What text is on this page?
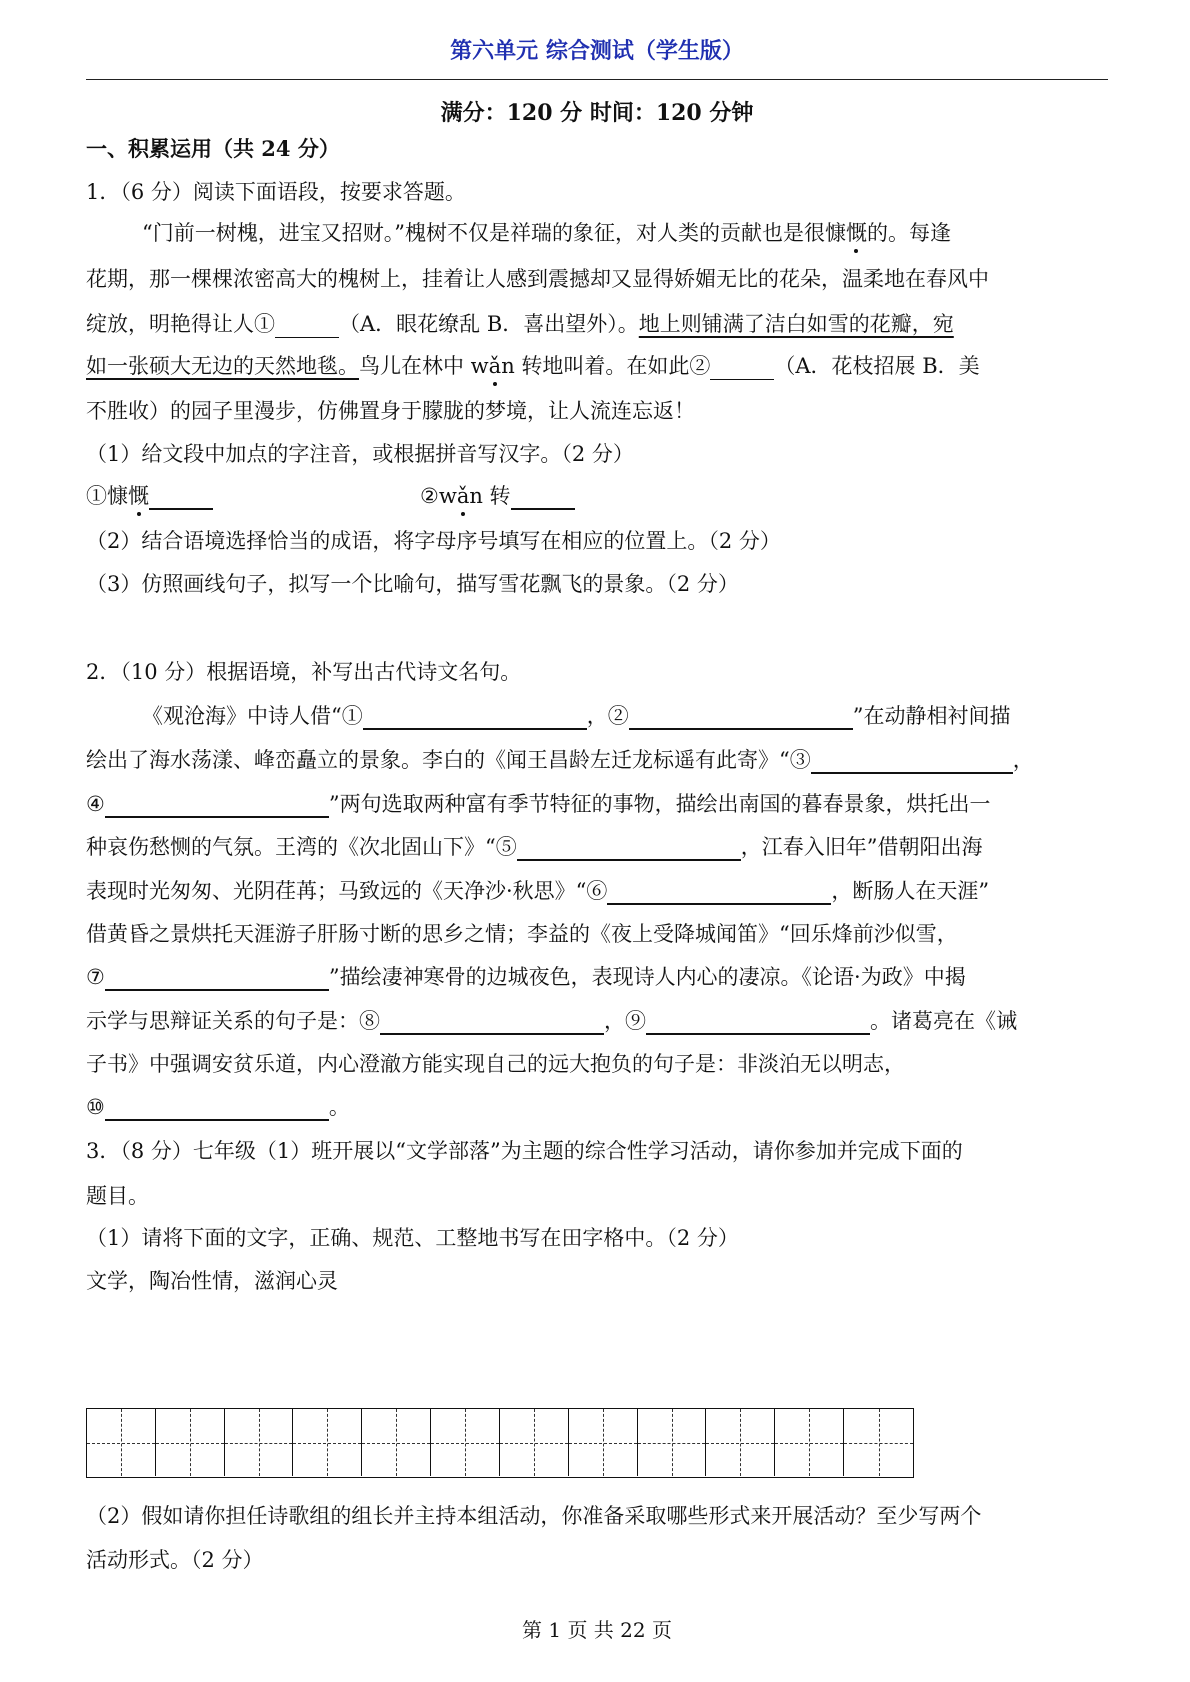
第六单元 综合测试（学生版）
满分：120 分 时间：120 分钟
一、积累运用（共 24 分）
1．（6 分）阅读下面语段，按要求答题。
“门前一树槐，进宝又招财。”槐树不仅是祥瑞的象征，对人类的贡献也是很慷慨的。每逢
花期，那一棵棵浓密高大的槐树上，挂着让人感到震撼却又显得娇媚无比的花朵，温柔地在春风中
绽放，明艳得让人①	（A．眼花缭乱 B．喜出望外）。地上则铺满了洁白如雪的花瓣，宛
如一张硕大无边的天然地毯。鸟儿在林中 wǎn 转地叫着。在如此②	（A．花枝招展 B．美
不胜收）的园子里漫步，仿佛置身于朦胧的梦境，让人流连忘返！
（1）给文段中加点的字注音，或根据拼音写汉字。（2 分）
①慷慨	②wǎn 转
（2）结合语境选择恰当的成语，将字母序号填写在相应的位置上。（2 分）
（3）仿照画线句子，拟写一个比喻句，描写雪花飘飞的景象。（2 分）
2．（10 分）根据语境，补写出古代诗文名句。
《观沧海》中诗人借“①	，②	”在动静相衬间描
绘出了海水荡漾、峰峦矗立的景象。李白的《闻王昌龄左迁龙标遥有此寄》“③	，
④	”两句选取两种富有季节特征的事物，描绘出南国的暮春景象，烘托出一
种哀伤愁恻的气氛。王湾的《次北固山下》“⑤	，江春入旧年”借朝阳出海
表现时光匆匆、光阴荏苒；马致远的《天净沙·秋思》“⑥	，断肠人在天涯”
借黄昏之景烘托天涯游子肝肠寸断的思乡之情；李益的《夜上受降城闻笛》“回乐烽前沙似雪，
⑦	”描绘凄神寒骨的边城夜色，表现诗人内心的凄凉。《论语·为政》中揭
示学与思辩证关系的句子是：⑧	，⑨	。诸葛亮在《诫
子书》中强调安贫乐道，内心澄澈方能实现自己的远大抱负的句子是：非淡泊无以明志，
⑩	。
3．（8 分）七年级（1）班开展以“文学部落”为主题的综合性学习活动，请你参加并完成下面的
题目。
（1）请将下面的文字，正确、规范、工整地书写在田字格中。（2 分）
文学，陶冶性情，滋润心灵
（2）假如请你担任诗歌组的组长并主持本组活动，你准备采取哪些形式来开展活动？至少写两个
活动形式。（2 分）
第 1 页 共 22 页
